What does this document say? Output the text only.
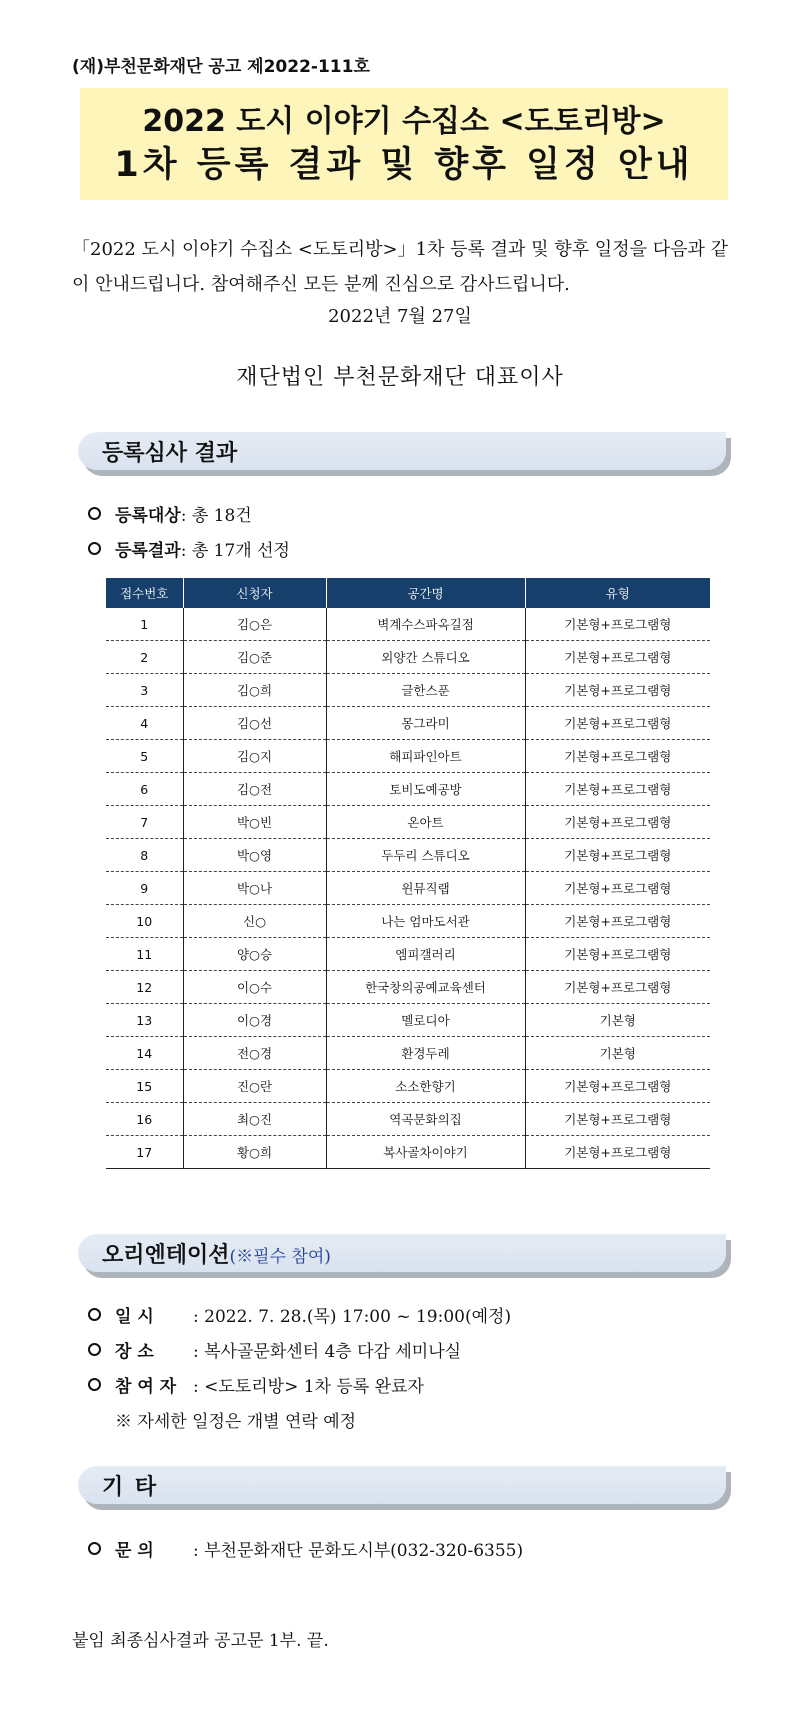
(재)부천문화재단 공고 제2022-111호
2022 도시 이야기 수집소 <도토리방>
1차 등록 결과 및 향후 일정 안내
「2022 도시 이야기 수집소 <도토리방>」1차 등록 결과 및 향후 일정을 다음과 같이 안내드립니다. 참여해주신 모든 분께 진심으로 감사드립니다.
2022년 7월 27일
재단법인 부천문화재단 대표이사
등록심사 결과
등록대상: 총 18건
등록결과: 총 17개 선정
접수번호	신청자	공간명	유형
1	김○은	벽계수스파옥길점	기본형+프로그램형
2	김○준	외양간 스튜디오	기본형+프로그램형
3	김○희	글한스푼	기본형+프로그램형
4	김○선	몽그라미	기본형+프로그램형
5	김○지	해피파인아트	기본형+프로그램형
6	김○전	토비도예공방	기본형+프로그램형
7	박○빈	온아트	기본형+프로그램형
8	박○영	두두리 스튜디오	기본형+프로그램형
9	박○나	윈뮤직랩	기본형+프로그램형
10	신○	나는 엄마도서관	기본형+프로그램형
11	양○승	엠피갤러리	기본형+프로그램형
12	이○수	한국창의공예교육센터	기본형+프로그램형
13	이○경	멜로디아	기본형
14	전○경	환경두레	기본형
15	진○란	소소한향기	기본형+프로그램형
16	최○진	역곡문화의집	기본형+프로그램형
17	황○희	복사골차이야기	기본형+프로그램형
오리엔테이션(※필수 참여)
일 시 : 2022. 7. 28.(목) 17:00 ~ 19:00(예정)
장 소 : 복사골문화센터 4층 다감 세미나실
참 여 자 : <도토리방> 1차 등록 완료자
※ 자세한 일정은 개별 연락 예정
기 타
문 의 : 부천문화재단 문화도시부(032-320-6355)
붙임 최종심사결과 공고문 1부. 끝.
